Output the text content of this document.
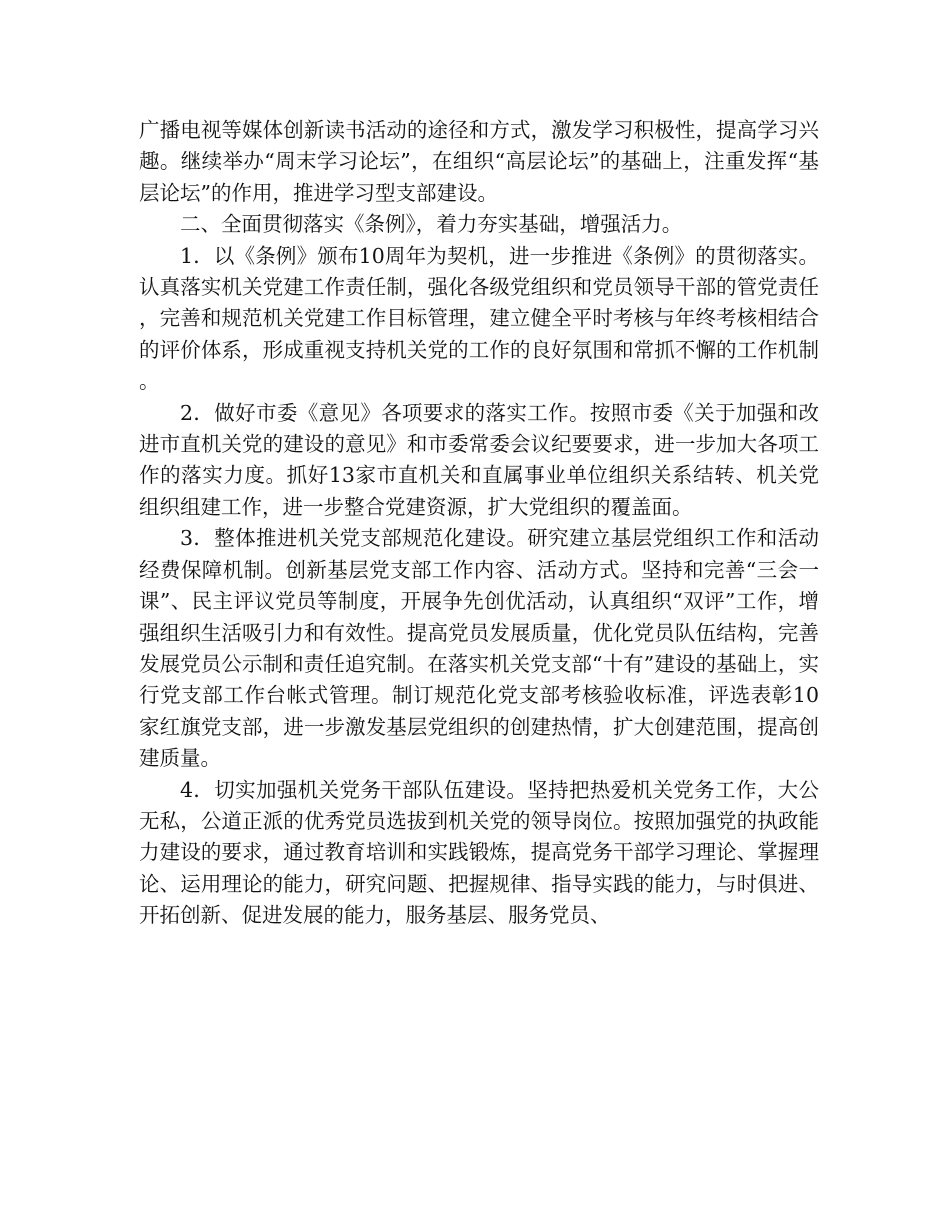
广播电视等媒体创新读书活动的途径和方式，激发学习积极性，提高学习兴趣。继续举办“周末学习论坛”，在组织“高层论坛”的基础上，注重发挥“基层论坛”的作用，推进学习型支部建设。

二、全面贯彻落实《条例》，着力夯实基础，增强活力。

1．以《条例》颁布10周年为契机，进一步推进《条例》的贯彻落实。认真落实机关党建工作责任制，强化各级党组织和党员领导干部的管党责任，完善和规范机关党建工作目标管理，建立健全平时考核与年终考核相结合的评价体系，形成重视支持机关党的工作的良好氛围和常抓不懈的工作机制。

2．做好市委《意见》各项要求的落实工作。按照市委《关于加强和改进市直机关党的建设的意见》和市委常委会议纪要要求，进一步加大各项工作的落实力度。抓好13家市直机关和直属事业单位组织关系结转、机关党组织组建工作，进一步整合党建资源，扩大党组织的覆盖面。

3．整体推进机关党支部规范化建设。研究建立基层党组织工作和活动经费保障机制。创新基层党支部工作内容、活动方式。坚持和完善“三会一课”、民主评议党员等制度，开展争先创优活动，认真组织“双评”工作，增强组织生活吸引力和有效性。提高党员发展质量，优化党员队伍结构，完善发展党员公示制和责任追究制。在落实机关党支部“十有”建设的基础上，实行党支部工作台帐式管理。制订规范化党支部考核验收标准，评选表彰10家红旗党支部，进一步激发基层党组织的创建热情，扩大创建范围，提高创建质量。

4．切实加强机关党务干部队伍建设。坚持把热爱机关党务工作，大公无私，公道正派的优秀党员选拔到机关党的领导岗位。按照加强党的执政能力建设的要求，通过教育培训和实践锻炼，提高党务干部学习理论、掌握理论、运用理论的能力，研究问题、把握规律、指导实践的能力，与时俱进、开拓创新、促进发展的能力，服务基层、服务党员、
